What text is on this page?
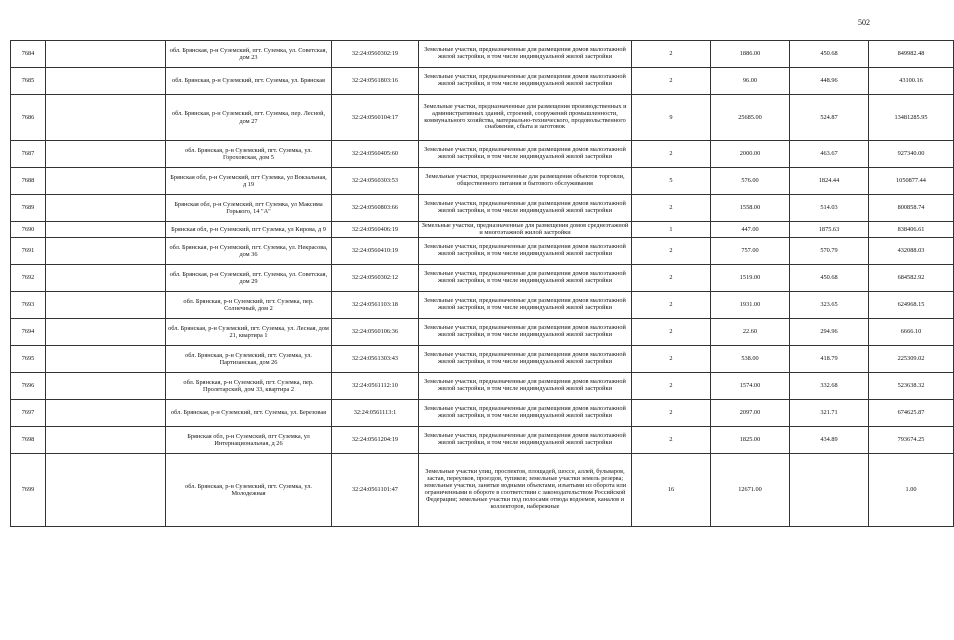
502
7684		обл. Брянская, р-н Суземский, пгт. Суземка, ул. Советская, дом 23	32:24:0560302:19	Земельные участки, предназначенные для размещения домов малоэтажной жилой застройки, в том числе индивидуальной жилой застройки	2	1886.00	450.68	849982.48
7685		обл. Брянская, р-н Суземский, пгт. Суземка, ул. Брянская	32:24:0561803:16	Земельные участки, предназначенные для размещения домов малоэтажной жилой застройки, в том числе индивидуальной жилой застройки	2	96.00	448.96	43100.16
7686		обл. Брянская, р-н Суземский, пгт. Суземка, пер. Лесной, дом 27	32:24:0560104:17	Земельные участки, предназначенные для размещения производственных и административных зданий, строений, сооружений промышленности, коммунального хозяйства, материально-технического, продовольственного снабжения, сбыта и заготовок	9	25685.00	524.87	13481285.95
7687		обл. Брянская, р-н Суземский, пгт. Суземка, ул. Гороховская, дом 5	32:24:0560405:60	Земельные участки, предназначенные для размещения домов малоэтажной жилой застройки, в том числе индивидуальной жилой застройки	2	2000.00	463.67	927340.00
7688		Брянская обл, р-н Суземский, пгт Суземка, ул Вокзальная, д 19	32:24:0560303:53	Земельные участки, предназначенные для размещения объектов торговли, общественного питания и бытового обслуживания	5	576.00	1824.44	1050877.44
7689		Брянская обл, р-н Суземский, пгт Суземка, ул Максима Горького, 14 "А"	32:24:0560803:66	Земельные участки, предназначенные для размещения домов малоэтажной жилой застройки, в том числе индивидуальной жилой застройки	2	1558.00	514.03	800858.74
7690		Брянская обл, р-н Суземский, пгт Суземка, ул Кирова, д 9	32:24:0560406:19	Земельные участки, предназначенные для размещения домов среднеэтажной и многоэтажной жилой застройки	1	447.00	1875.63	838406.61
7691		обл. Брянская, р-н Суземский, пгт. Суземка, ул. Некрасова, дом 36	32:24:0560410:19	Земельные участки, предназначенные для размещения домов малоэтажной жилой застройки, в том числе индивидуальной жилой застройки	2	757.00	570.79	432088.03
7692		обл. Брянская, р-н Суземский, пгт. Суземка, ул. Советская, дом 29	32:24:0560302:12	Земельные участки, предназначенные для размещения домов малоэтажной жилой застройки, в том числе индивидуальной жилой застройки	2	1519.00	450.68	684582.92
7693		обл. Брянская, р-н Суземский, пгт. Суземка, пер. Солнечный, дом 2	32:24:0561103:18	Земельные участки, предназначенные для размещения домов малоэтажной жилой застройки, в том числе индивидуальной жилой застройки	2	1931.00	323.65	624968.15
7694		обл. Брянская, р-н Суземский, пгт. Суземка, ул. Лесная, дом 21, квартира 1	32:24:0560106:36	Земельные участки, предназначенные для размещения домов малоэтажной жилой застройки, в том числе индивидуальной жилой застройки	2	22.60	294.96	6666.10
7695		обл. Брянская, р-н Суземский, пгт. Суземка, ул. Партизанская, дом 26	32:24:0561303:43	Земельные участки, предназначенные для размещения домов малоэтажной жилой застройки, в том числе индивидуальной жилой застройки	2	538.00	418.79	225309.02
7696		обл. Брянская, р-н Суземский, пгт. Суземка, пер. Пролетарский, дом 33, квартира 2	32:24:0561112:10	Земельные участки, предназначенные для размещения домов малоэтажной жилой застройки, в том числе индивидуальной жилой застройки	2	1574.00	332.68	523638.32
7697		обл. Брянская, р-н Суземский, пгт. Суземка, ул. Березовая	32:24:0561113:1	Земельные участки, предназначенные для размещения домов малоэтажной жилой застройки, в том числе индивидуальной жилой застройки	2	2097.00	321.71	674625.87
7698		Брянская обл, р-н Суземский, пгт Суземка, ул Интернациональная, д 26	32:24:0561204:19	Земельные участки, предназначенные для размещения домов малоэтажной жилой застройки, в том числе индивидуальной жилой застройки	2	1825.00	434.89	793674.25
7699		обл. Брянская, р-н Суземский, пгт. Суземка, ул. Молодежная	32:24:0561101:47	Земельные участки улиц, проспектов, площадей, шоссе, аллей, бульваров, застав, переулков, проездов, тупиков; земельные участки земель резерва; земельные участки, занятые водными объектами, изъятыми из оборота или ограниченными в обороте в соответствии с законодательством Российской Федерации; земельные участки под полосами отвода водоемов, каналов и коллекторов, набережные	16	12671.00		1.00
